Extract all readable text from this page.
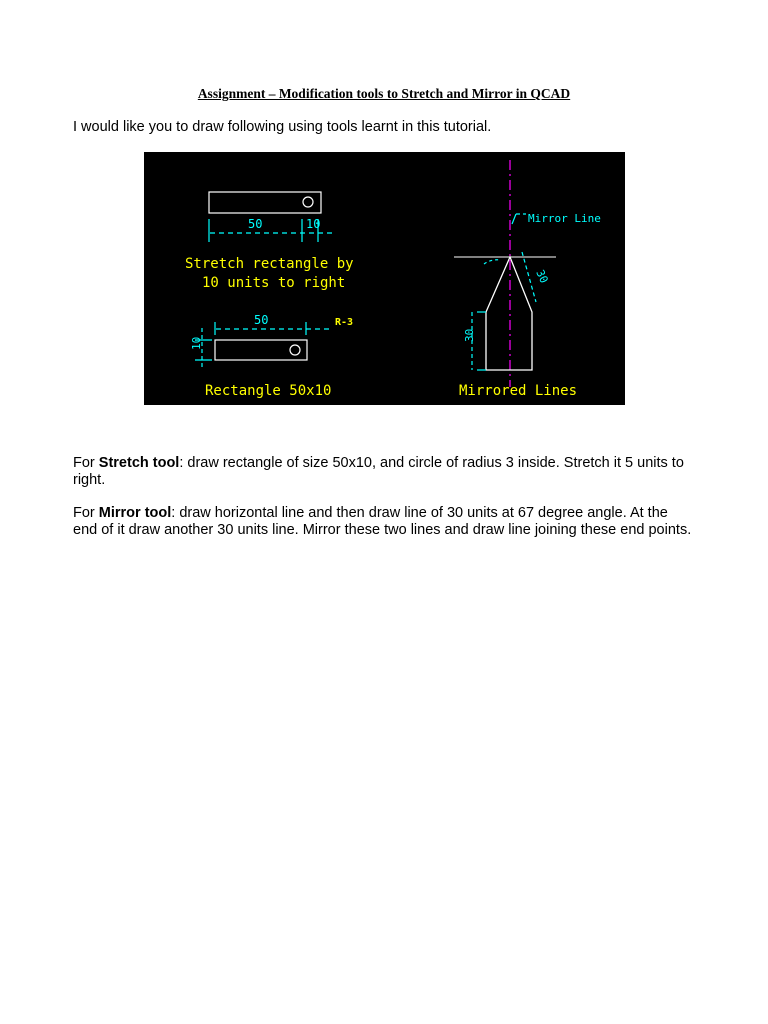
Assignment – Modification tools to Stretch and Mirror in QCAD
I would like you to draw following using tools learnt in this tutorial.
50	10
Stretch rectangle by
10 units to right
50
10
R-3
Rectangle 50x10
30
30
Mirror Line
Mirrored Lines
For Stretch tool: draw rectangle of size 50x10, and circle of radius 3 inside. Stretch it 5 units to right.
For Mirror tool: draw horizontal line and then draw line of 30 units at 67 degree angle. At the end of it draw another 30 units line. Mirror these two lines and draw line joining these end points.
